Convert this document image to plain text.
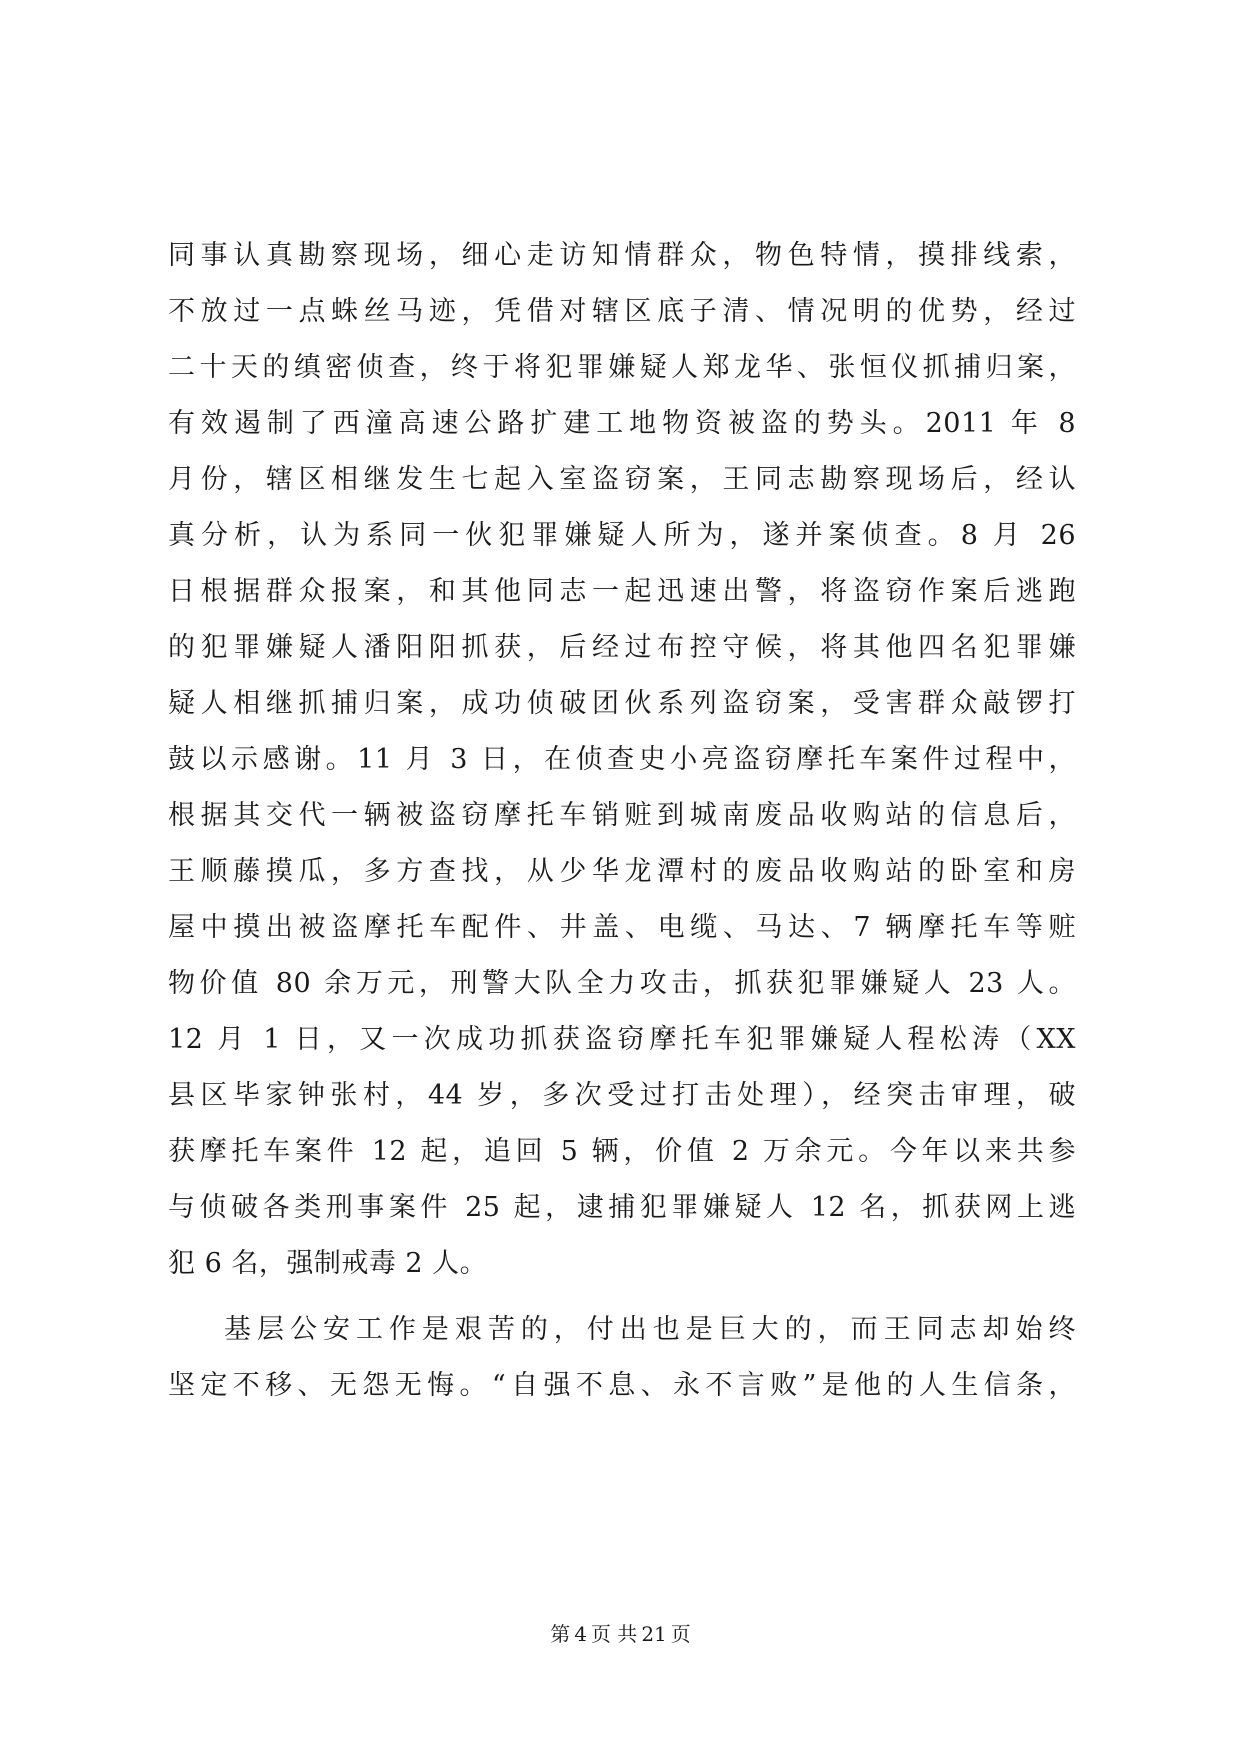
同事认真勘察现场，细心走访知情群众，物色特情，摸排线索，
不放过一点蛛丝马迹，凭借对辖区底子清、情况明的优势，经过
二十天的缜密侦查，终于将犯罪嫌疑人郑龙华、张恒仪抓捕归案，
有效遏制了西潼高速公路扩建工地物资被盗的势头。2011 年 8
月份，辖区相继发生七起入室盗窃案，王同志勘察现场后，经认
真分析，认为系同一伙犯罪嫌疑人所为，遂并案侦查。8 月 26
日根据群众报案，和其他同志一起迅速出警，将盗窃作案后逃跑
的犯罪嫌疑人潘阳阳抓获，后经过布控守候，将其他四名犯罪嫌
疑人相继抓捕归案，成功侦破团伙系列盗窃案，受害群众敲锣打
鼓以示感谢。11 月 3 日，在侦查史小亮盗窃摩托车案件过程中，
根据其交代一辆被盗窃摩托车销赃到城南废品收购站的信息后，
王顺藤摸瓜，多方查找，从少华龙潭村的废品收购站的卧室和房
屋中摸出被盗摩托车配件、井盖、电缆、马达、7 辆摩托车等赃
物价值 80 余万元，刑警大队全力攻击，抓获犯罪嫌疑人 23 人。
12 月 1 日，又一次成功抓获盗窃摩托车犯罪嫌疑人程松涛（XX
县区毕家钟张村，44 岁，多次受过打击处理），经突击审理，破
获摩托车案件 12 起，追回 5 辆，价值 2 万余元。今年以来共参
与侦破各类刑事案件 25 起，逮捕犯罪嫌疑人 12 名，抓获网上逃
犯 6 名，强制戒毒 2 人。
基层公安工作是艰苦的，付出也是巨大的，而王同志却始终
坚定不移、无怨无悔。“自强不息、永不言败”是他的人生信条，
第 4 页 共 21 页
